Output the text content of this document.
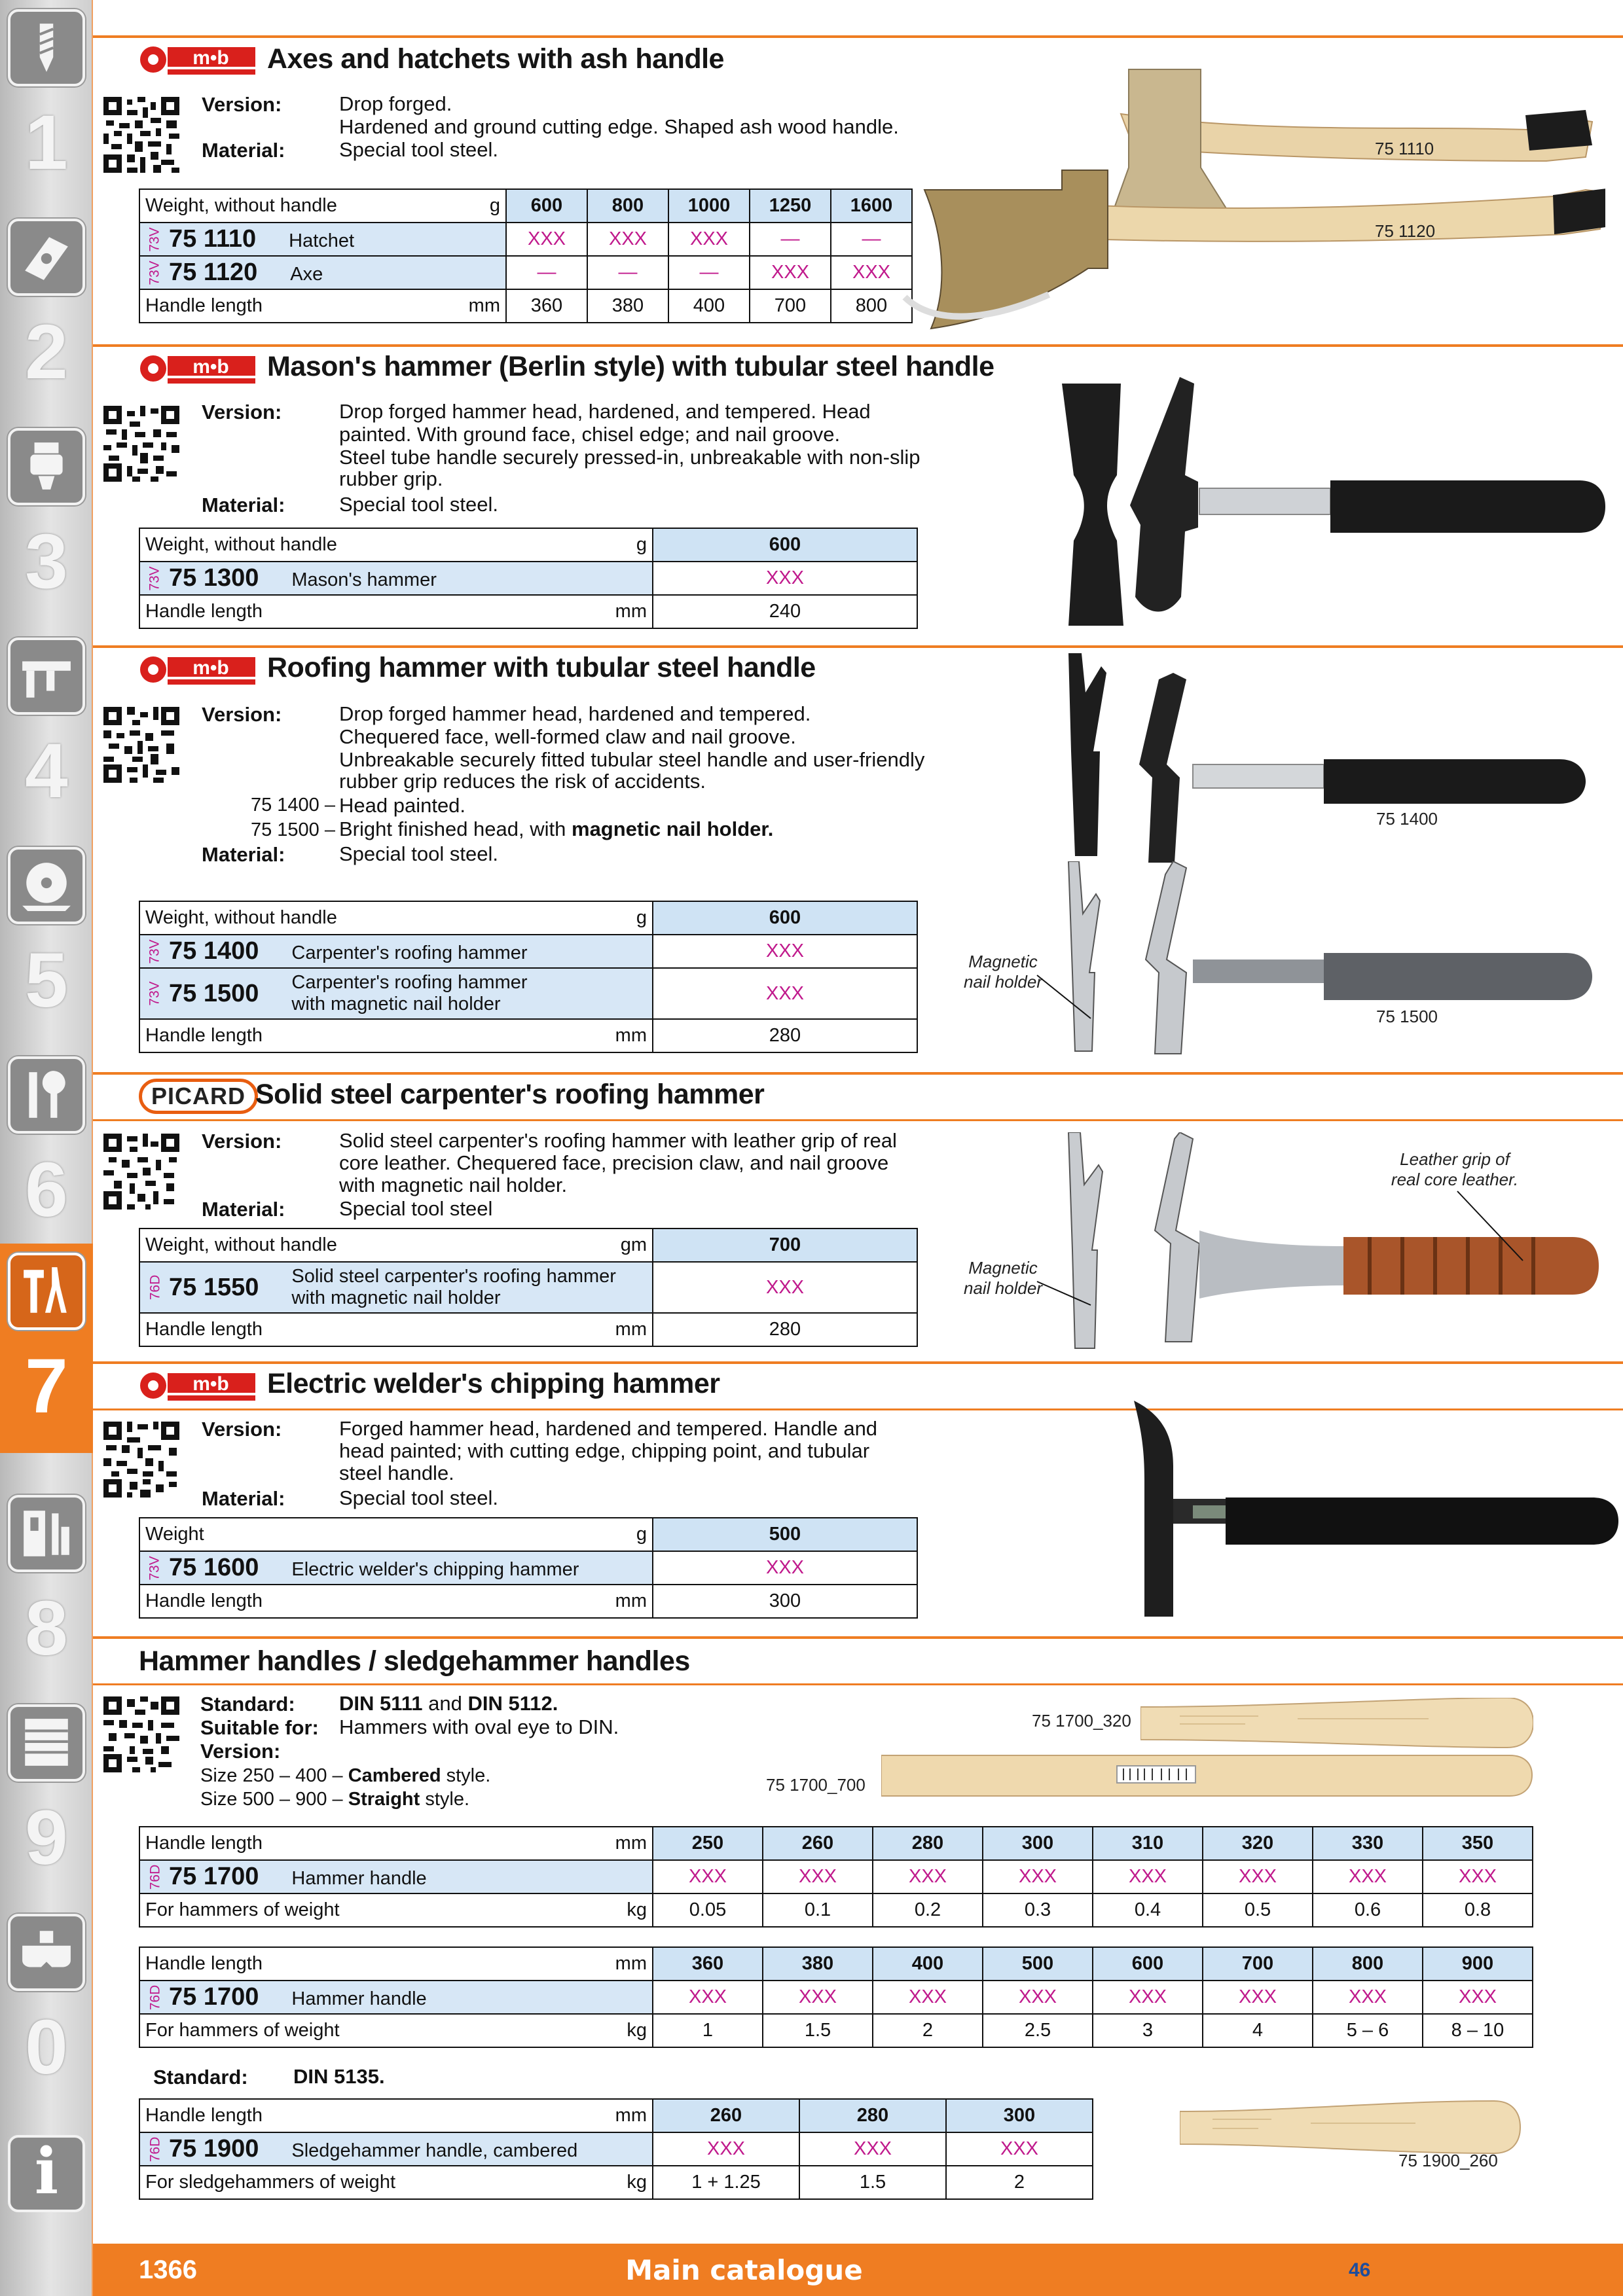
1
2
3
4
5
6
7
8
9
0
i
m•b Axes and hatchets with ash handle
Version:	Drop forged.
Hardened and ground cutting edge. Shaped ash wood handle.
Material:	Special tool steel.
Weight, without handle g	600	800	1000	1250	1600

73V 75 1110 Hatchet	XXX	XXX	XXX	—	—

73V 75 1120 Axe	—	—	—	XXX	XXX
Handle length mm	360	380	400	700	800
75 1110
75 1120
m•b Mason's hammer (Berlin style) with tubular steel handle
Version:	Drop forged hammer head, hardened, and tempered. Head
painted. With ground face, chisel edge; and nail groove.
Steel tube handle securely pressed-in, unbreakable with non-slip
rubber grip.
Material:	Special tool steel.
Weight, without handle g	600

73V 75 1300 Mason's hammer	XXX
Handle length mm	240
m•b Roofing hammer with tubular steel handle
Version:	Drop forged hammer head, hardened and tempered.
Chequered face, well-formed claw and nail groove.
Unbreakable securely fitted tubular steel handle and user-friendly
rubber grip reduces the risk of accidents.
75 1400 – Head painted.
75 1500 – Bright finished head, with magnetic nail holder.
Material:	Special tool steel.
Weight, without handle g	600

73V 75 1400 Carpenter's roofing hammer	XXX

73V 75 1500 Carpenter's roofing hammer
with magnetic nail holder	XXX
Handle length mm	280
75 1400
Magnetic
nail holder
75 1500
PICARD Solid steel carpenter's roofing hammer
Version:	Solid steel carpenter's roofing hammer with leather grip of real
core leather. Chequered face, precision claw, and nail groove
with magnetic nail holder.
Material:	Special tool steel
Weight, without handle gm	700

76D 75 1550 Solid steel carpenter's roofing hammer
with magnetic nail holder	XXX
Handle length mm	280
Leather grip of
real core leather.
Magnetic
nail holder
m•b Electric welder's chipping hammer
Version:	Forged hammer head, hardened and tempered. Handle and
head painted; with cutting edge, chipping point, and tubular
steel handle.
Material:	Special tool steel.
Weight g	500

73V 75 1600 Electric welder's chipping hammer	XXX
Handle length mm	300
Hammer handles / sledgehammer handles
Standard: DIN 5111 and DIN 5112.
Suitable for: Hammers with oval eye to DIN.
Version:
Size 250 – 400 – Cambered style.
Size 500 – 900 – Straight style.
75 1700_320
75 1700_700
Handle length mm	250	260	280	300	310	320	330	350

76D 75 1700 Hammer handle	XXX	XXX	XXX	XXX	XXX	XXX	XXX	XXX
For hammers of weight kg	0.05	0.1	0.2	0.3	0.4	0.5	0.6	0.8
Handle length mm	360	380	400	500	600	700	800	900

76D 75 1700 Hammer handle	XXX	XXX	XXX	XXX	XXX	XXX	XXX	XXX
For hammers of weight kg	1	1.5	2	2.5	3	4	5 – 6	8 – 10
Standard: DIN 5135.
Handle length mm	260	280	300

76D 75 1900 Sledgehammer handle, cambered	XXX	XXX	XXX
For sledgehammers of weight kg	1 + 1.25	1.5	2
75 1900_260
1366	Main catalogue	46
